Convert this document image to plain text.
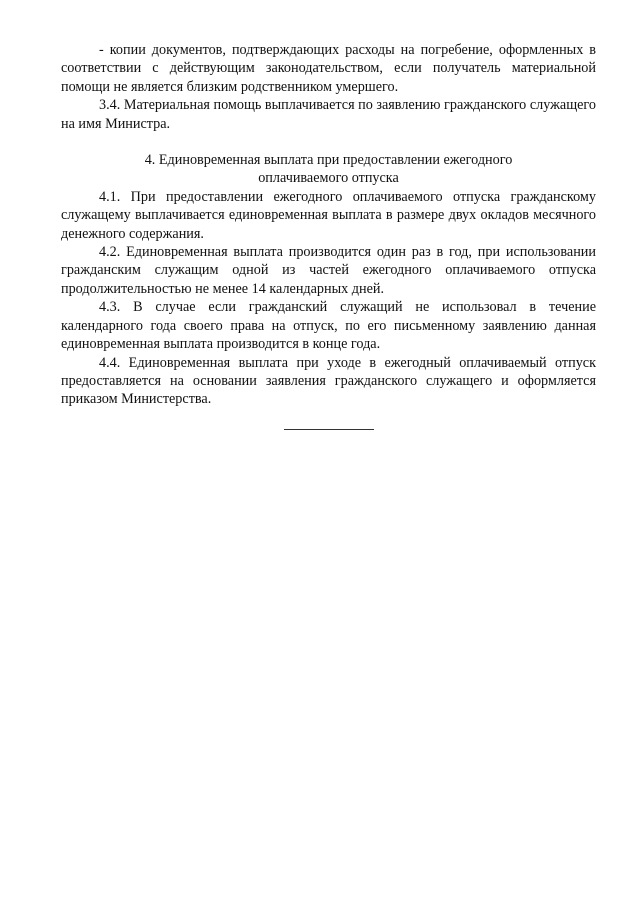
- копии документов, подтверждающих расходы на погребение, оформленных в соответствии с действующим законодательством, если получатель материальной помощи не является близким родственником умершего.

3.4. Материальная помощь выплачивается по заявлению гражданского служащего на имя Министра.

4. Единовременная выплата при предоставлении ежегодного
оплачиваемого отпуска

4.1. При предоставлении ежегодного оплачиваемого отпуска гражданскому служащему выплачивается единовременная выплата в размере двух окладов месячного денежного содержания.

4.2. Единовременная выплата производится один раз в год, при использовании гражданским служащим одной из частей ежегодного оплачиваемого отпуска продолжительностью не менее 14 календарных дней.

4.3. В случае если гражданский служащий не использовал в течение календарного года своего права на отпуск, по его письменному заявлению данная единовременная выплата производится в конце года.

4.4. Единовременная выплата при уходе в ежегодный оплачиваемый отпуск предоставляется на основании заявления гражданского служащего и оформляется приказом Министерства.
